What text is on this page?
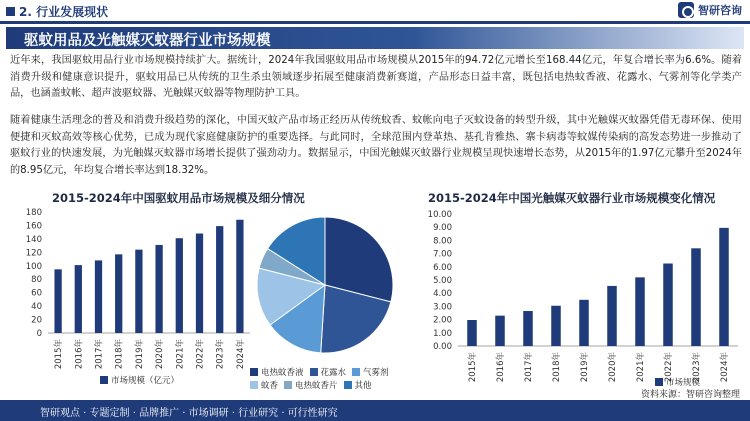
2. 行业发展现状	智研咨询
驱蚊用品及光触媒灭蚊器行业市场规模
近年来，我国驱蚊用品行业市场规模持续扩大。据统计，2024年我国驱蚊用品市场规模从2015年的94.72亿元增长至168.44亿元，年复合增长率为6.6%。随着消费升级和健康意识提升，驱蚊用品已从传统的卫生杀虫领域逐步拓展至健康消费新赛道，产品形态日益丰富，既包括电热蚊香液、花露水、气雾剂等化学类产品，也涵盖蚊帐、超声波驱蚊器、光触媒灭蚊器等物理防护工具。
随着健康生活理念的普及和消费升级趋势的深化，中国灭蚊产品市场正经历从传统蚊香、蚊帐向电子灭蚊设备的转型升级，其中光触媒灭蚊器凭借无毒环保、使用便捷和灭蚊高效等核心优势，已成为现代家庭健康防护的重要选择。与此同时，全球范围内登革热、基孔肯雅热、寨卡病毒等蚊媒传染病的高发态势进一步推动了驱蚊行业的快速发展，为光触媒灭蚊器市场增长提供了强劲动力。数据显示，中国光触媒灭蚊器行业规模呈现快速增长态势，从2015年的1.97亿元攀升至2024年的8.95亿元，年均复合增长率达到18.32%。
2015-2024年中国驱蚊用品市场规模及细分情况	2015-2024年中国光触媒灭蚊器行业市场规模变化情况
0
20
40
60
80
100
120
140
160
180
2015年 2016年 2017年 2018年 2019年 2020年 2021年 2022年 2023年 2024年
市场规模（亿元）
电热蚊香液 花露水 气雾剂
蚊香 电热蚊香片 其他
0.00
1.00
2.00
3.00
4.00
5.00
6.00
7.00
8.00
9.00
10.00
2015年 2016年 2017年 2018年 2019年 2020年 2021年 2022年 2023年 2024年
市场规模
资料来源：智研咨询整理
智研观点 · 专题定制 · 品牌推广 · 市场调研 · 行业研究 · 可行性研究
